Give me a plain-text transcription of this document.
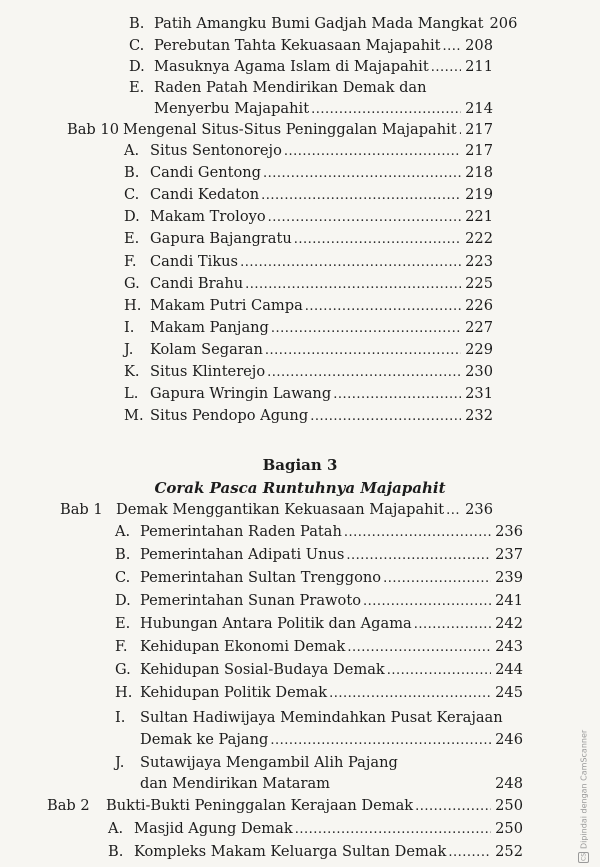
B. Patih Amangku Bumi Gadjah Mada Mangkat 206
C. Perebutan Tahta Kekuasaan Majapahit ..... 208
D. Masuknya Agama Islam di Majapahit ..... 211
E. Raden Patah Mendirikan Demak dan
Menyerbu Majapahit .....	214
Bab 10 Mengenal Situs-Situs Peninggalan Majapahit ..... 217
A. Situs Sentonorejo .....	217
B. Candi Gentong .....	218
C. Candi Kedaton .....	219
D. Makam Troloyo .....	221
E. Gapura Bajangratu .....	222
F. Candi Tikus .....	223
G. Candi Brahu .....	225
H. Makam Putri Campa .....	226
I. Makam Panjang .....	227
J. Kolam Segaran .....	229
K. Situs Klinterejo .....	230
L. Gapura Wringin Lawang .....	231
M. Situs Pendopo Agung .....	232
Bagian 3
Corak Pasca Runtuhnya Majapahit
Bab 1 Demak Menggantikan Kekuasaan Majapahit ..... 236
A. Pemerintahan Raden Patah .....	236
B. Pemerintahan Adipati Unus .....	237
C. Pemerintahan Sultan Trenggono .....	239
D. Pemerintahan Sunan Prawoto .....	241
E. Hubungan Antara Politik dan Agama .....	242
F. Kehidupan Ekonomi Demak .....	243
G. Kehidupan Sosial-Budaya Demak .....	244
H. Kehidupan Politik Demak .....	245
I. Sultan Hadiwijaya Memindahkan Pusat Kerajaan
Demak ke Pajang .....	246
J. Sutawijaya Mengambil Alih Pajang
dan Mendirikan Mataram	248
Bab 2 Bukti-Bukti Peninggalan Kerajaan Demak .....	250
A. Masjid Agung Demak .....	250
B. Kompleks Makam Keluarga Sultan Demak .....	252	CS
Dipindai dengan CamScanner
